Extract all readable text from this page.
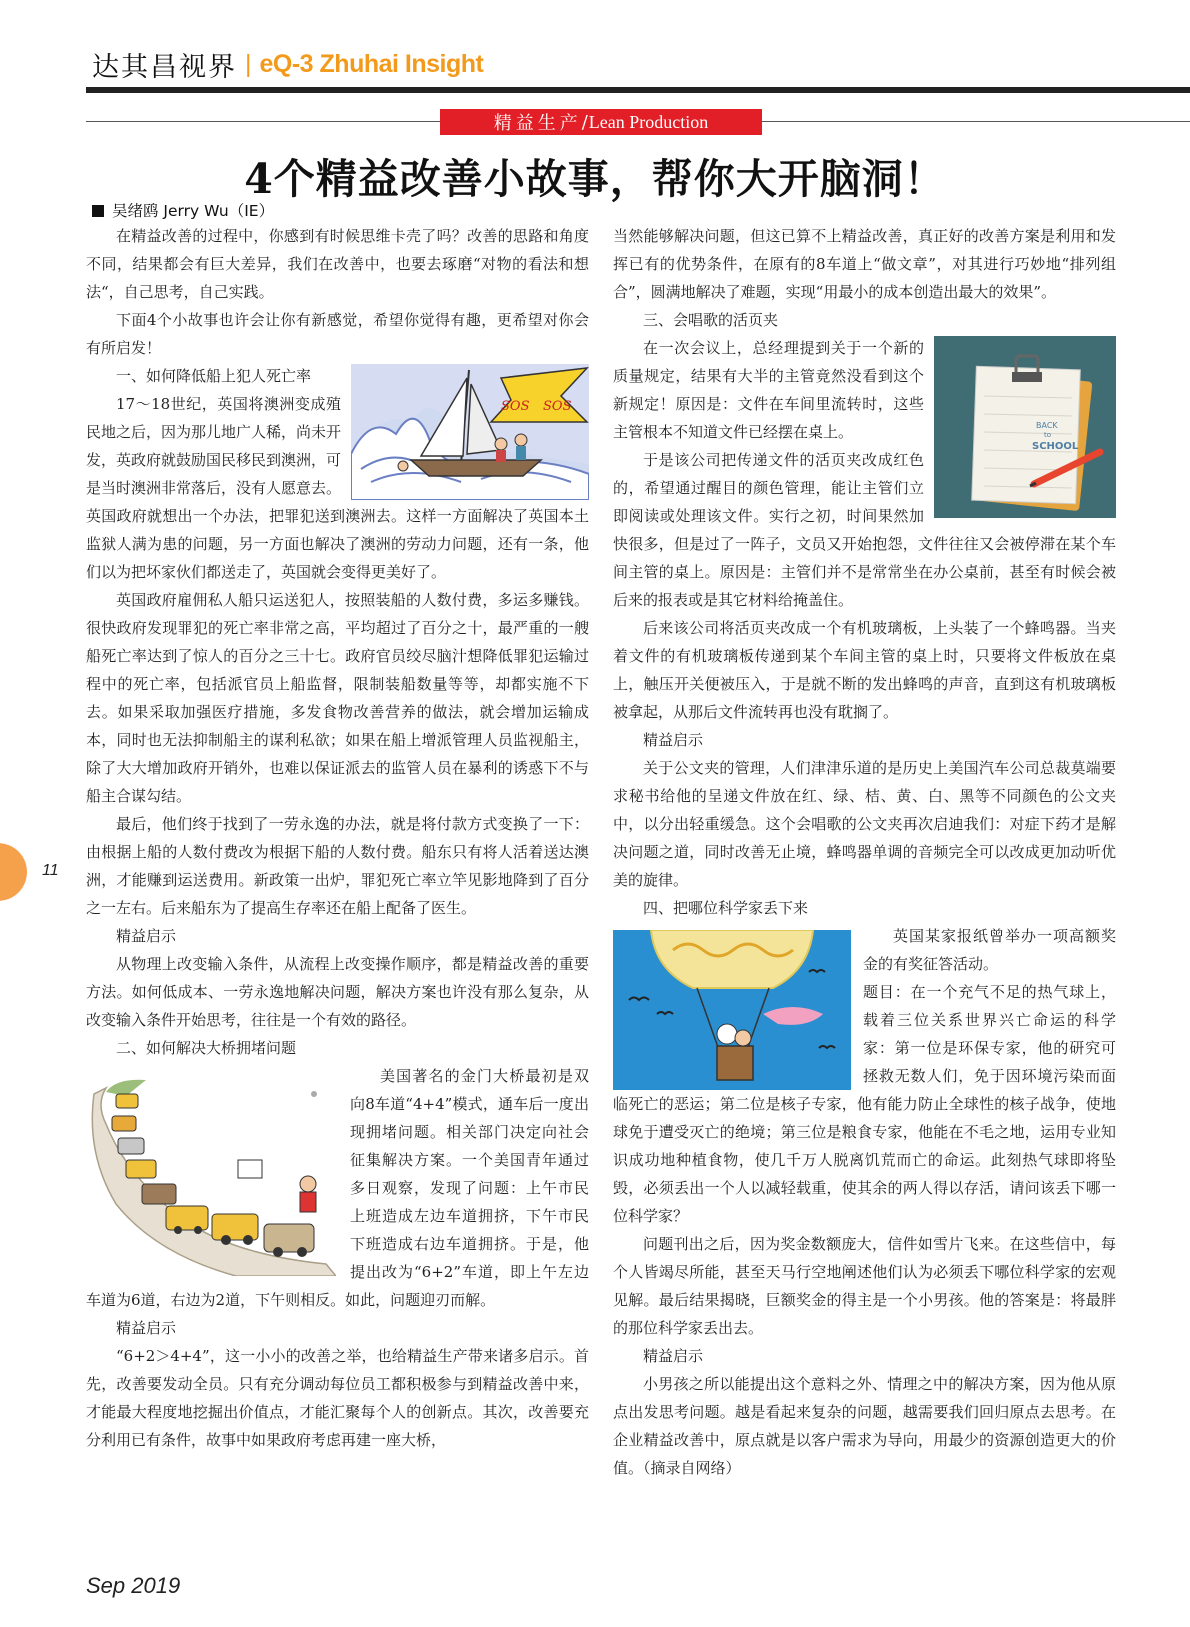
达其昌视界 | eQ-3 Zhuhai Insight
精益生产 / Lean Production
4个精益改善小故事，帮你大开脑洞！
吴绪鸥 Jerry Wu（IE）

在精益改善的过程中，你感到有时候思维卡壳了吗？改善的思路和角度不同，结果都会有巨大差异，我们在改善中，也要去琢磨“对物的看法和想法“，自己思考，自己实践。

下面4个小故事也许会让你有新感觉，希望你觉得有趣，更希望对你会有所启发！

SOS SOS

一、如何降低船上犯人死亡率

17～18世纪，英国将澳洲变成殖民地之后，因为那儿地广人稀，尚未开发，英政府就鼓励国民移民到澳洲，可是当时澳洲非常落后，没有人愿意去。英国政府就想出一个办法，把罪犯送到澳洲去。这样一方面解决了英国本土监狱人满为患的问题，另一方面也解决了澳洲的劳动力问题，还有一条，他们以为把坏家伙们都送走了，英国就会变得更美好了。

英国政府雇佣私人船只运送犯人，按照装船的人数付费，多运多赚钱。很快政府发现罪犯的死亡率非常之高，平均超过了百分之十，最严重的一艘船死亡率达到了惊人的百分之三十七。政府官员绞尽脑汁想降低罪犯运输过程中的死亡率，包括派官员上船监督，限制装船数量等等，却都实施不下去。如果采取加强医疗措施，多发食物改善营养的做法，就会增加运输成本，同时也无法抑制船主的谋利私欲；如果在船上增派管理人员监视船主，除了大大增加政府开销外，也难以保证派去的监管人员在暴利的诱惑下不与船主合谋勾结。

最后，他们终于找到了一劳永逸的办法，就是将付款方式变换了一下：由根据上船的人数付费改为根据下船的人数付费。船东只有将人活着送达澳洲，才能赚到运送费用。新政策一出炉，罪犯死亡率立竿见影地降到了百分之一左右。后来船东为了提高生存率还在船上配备了医生。

精益启示

从物理上改变输入条件，从流程上改变操作顺序，都是精益改善的重要方法。如何低成本、一劳永逸地解决问题，解决方案也许没有那么复杂，从改变输入条件开始思考，往往是一个有效的路径。

二、如何解决大桥拥堵问题

美国著名的金门大桥最初是双向8车道“4+4”模式，通车后一度出现拥堵问题。相关部门决定向社会征集解决方案。一个美国青年通过多日观察，发现了问题：上午市民上班造成左边车道拥挤，下午市民下班造成右边车道拥挤。于是，他提出改为“6+2”车道，即上午左边车道为6道，右边为2道，下午则相反。如此，问题迎刃而解。

精益启示

“6+2＞4+4”，这一小小的改善之举，也给精益生产带来诸多启示。首先，改善要发动全员。只有充分调动每位员工都积极参与到精益改善中来，才能最大程度地挖掘出价值点，才能汇聚每个人的创新点。其次，改善要充分利用已有条件，故事中如果政府考虑再建一座大桥，

当然能够解决问题，但这已算不上精益改善，真正好的改善方案是利用和发挥已有的优势条件，在原有的8车道上“做文章”，对其进行巧妙地“排列组合”，圆满地解决了难题，实现“用最小的成本创造出最大的效果”。

三、会唱歌的活页夹

BACK
to
SCHOOL

在一次会议上，总经理提到关于一个新的质量规定，结果有大半的主管竟然没看到这个新规定！原因是：文件在车间里流转时，这些主管根本不知道文件已经摆在桌上。

于是该公司把传递文件的活页夹改成红色的，希望通过醒目的颜色管理，能让主管们立即阅读或处理该文件。实行之初，时间果然加快很多，但是过了一阵子，文员又开始抱怨，文件往往又会被停滞在某个车间主管的桌上。原因是：主管们并不是常常坐在办公桌前，甚至有时候会被后来的报表或是其它材料给掩盖住。

后来该公司将活页夹改成一个有机玻璃板，上头装了一个蜂鸣器。当夹着文件的有机玻璃板传递到某个车间主管的桌上时，只要将文件板放在桌上，触压开关便被压入，于是就不断的发出蜂鸣的声音，直到这有机玻璃板被拿起，从那后文件流转再也没有耽搁了。

精益启示

关于公文夹的管理，人们津津乐道的是历史上美国汽车公司总裁莫端要求秘书给他的呈递文件放在红、绿、桔、黄、白、黑等不同颜色的公文夹中，以分出轻重缓急。这个会唱歌的公文夹再次启迪我们：对症下药才是解决问题之道，同时改善无止境，蜂鸣器单调的音频完全可以改成更加动听优美的旋律。

四、把哪位科学家丢下来

英国某家报纸曾举办一项高额奖金的有奖征答活动。

题目：在一个充气不足的热气球上，载着三位关系世界兴亡命运的科学家：第一位是环保专家，他的研究可拯救无数人们，免于因环境污染而面临死亡的恶运；第二位是核子专家，他有能力防止全球性的核子战争，使地球免于遭受灭亡的绝境；第三位是粮食专家，他能在不毛之地，运用专业知识成功地种植食物，使几千万人脱离饥荒而亡的命运。此刻热气球即将坠毁，必须丢出一个人以减轻载重，使其余的两人得以存活，请问该丢下哪一位科学家？

问题刊出之后，因为奖金数额庞大，信件如雪片飞来。在这些信中，每个人皆竭尽所能，甚至天马行空地阐述他们认为必须丢下哪位科学家的宏观见解。最后结果揭晓，巨额奖金的得主是一个小男孩。他的答案是：将最胖的那位科学家丢出去。

精益启示

小男孩之所以能提出这个意料之外、情理之中的解决方案，因为他从原点出发思考问题。越是看起来复杂的问题，越需要我们回归原点去思考。在企业精益改善中，原点就是以客户需求为导向，用最少的资源创造更大的价值。（摘录自网络）

11
Sep 2019
